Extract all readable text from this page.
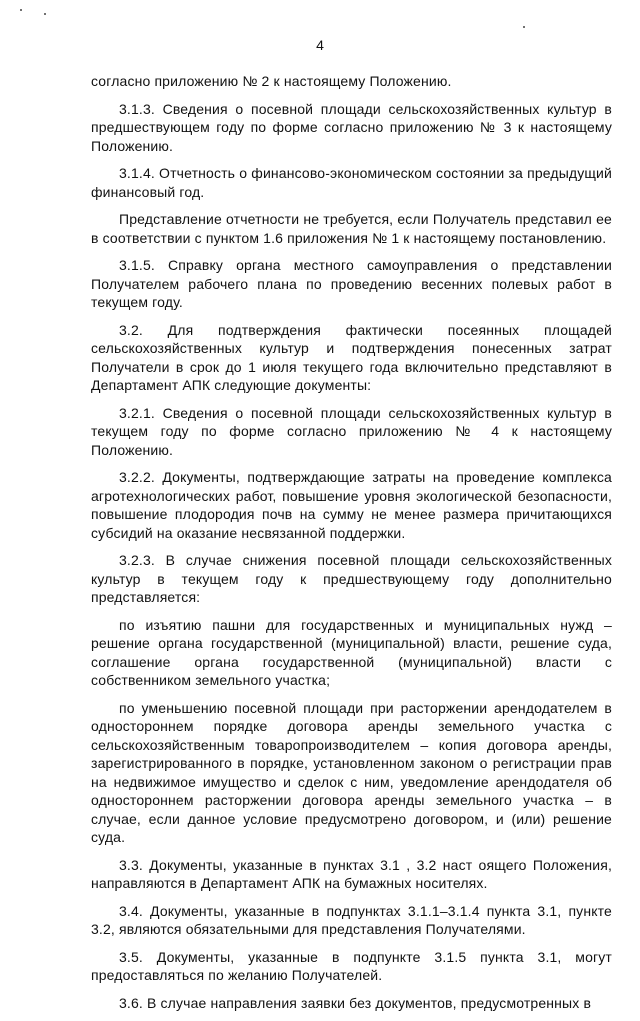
4

согласно приложению № 2 к настоящему Положению.

3.1.3. Сведения о посевной площади сельскохозяйственных культур в предшествующем году по форме согласно приложению № 3 к настоящему Положению.

3.1.4. Отчетность о финансово-экономическом состоянии за предыдущий финансовый год.

Представление отчетности не требуется, если Получатель представил ее в соответствии с пунктом 1.6 приложения № 1 к настоящему постановлению.

3.1.5. Справку органа местного самоуправления о представлении Получателем рабочего плана по проведению весенних полевых работ в текущем году.

3.2. Для подтверждения фактически посеянных площадей сельскохозяйственных культур и подтверждения понесенных затрат Получатели в срок до 1 июля текущего года включительно представляют в Департамент АПК следующие документы:

3.2.1. Сведения о посевной площади сельскохозяйственных культур в текущем году по форме согласно приложению № 4 к настоящему Положению.

3.2.2. Документы, подтверждающие затраты на проведение комплекса агротехнологических работ, повышение уровня экологической безопасности, повышение плодородия почв на сумму не менее размера причитающихся субсидий на оказание несвязанной поддержки.

3.2.3. В случае снижения посевной площади сельскохозяйственных культур в текущем году к предшествующему году дополнительно представляется:

по изъятию пашни для государственных и муниципальных нужд – решение органа государственной (муниципальной) власти, решение суда, соглашение органа государственной (муниципальной) власти с собственником земельного участка;

по уменьшению посевной площади при расторжении арендодателем в одностороннем порядке договора аренды земельного участка с сельскохозяйственным товаропроизводителем – копия договора аренды, зарегистрированного в порядке, установленном законом о регистрации прав на недвижимое имущество и сделок с ним, уведомление арендодателя об одностороннем расторжении договора аренды земельного участка – в случае, если данное условие предусмотрено договором, и (или) решение суда.

3.3. Документы, указанные в пунктах 3.1 , 3.2 наст оящего Положения, направляются в Департамент АПК на бумажных носителях.

3.4. Документы, указанные в подпунктах 3.1.1–3.1.4 пункта 3.1, пункте 3.2, являются обязательными для представления Получателями.

3.5. Документы, указанные в подпункте 3.1.5 пункта 3.1, могут предоставляться по желанию Получателей.

3.6. В случае направления заявки без документов, предусмотренных в
